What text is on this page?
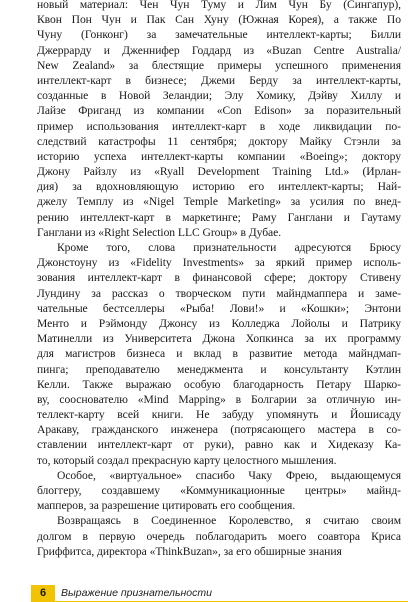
новый материал: Чен Чун Туму и Лим Чун Бу (Сингапур),
Квон Пон Чун и Пак Сан Хуну (Южная Корея), а также По
Чуну (Гонконг) за замечательные интеллект-карты; Билли
Джеррарду и Дженнифер Годдард из «Buzan Centre Australia/
New Zealand» за блестящие примеры успешного применения
интеллект-карт в бизнесе; Джеми Берду за интеллект-карты,
созданные в Новой Зеландии; Элу Хомику, Дэйву Хиллу и
Лайзе Фриганд из компании «Con Edison» за поразительный
пример использования интеллект-карт в ходе ликвидации по-
следствий катастрофы 11 сентября; доктору Майку Стэнли за
историю успеха интеллект-карты компании «Boeing»; доктору
Джону Райзлу из «Ryall Development Training Ltd.» (Ирлан-
дия) за вдохновляющую историю его интеллект-карты; Най-
джелу Темплу из «Nigel Temple Marketing» за усилия по внед-
рению интеллект-карт в маркетинге; Раму Ганглани и Гаутаму
Ганглани из «Right Selection LLC Group» в Дубае.
Кроме того, слова признательности адресуются Брюсу
Джонстоуну из «Fidelity Investments» за яркий пример исполь-
зования интеллект-карт в финансовой сфере; доктору Стивену
Лундину за рассказ о творческом пути майндмаппера и заме-
чательные бестселлеры «Рыба! Лови!» и «Кошки»; Энтони
Менто и Рэймонду Джонсу из Колледжа Лойолы и Патрику
Матинелли из Университета Джона Хопкинса за их программу
для магистров бизнеса и вклад в развитие метода майндмап-
пинга; преподавателю менеджмента и консультанту Кэтлин
Келли. Также выражаю особую благодарность Петару Шарко-
ву, сооснователю «Mind Mapping» в Болгарии за отличную ин-
теллект-карту всей книги. Не забуду упомянуть и Йошисаду
Аракаву, гражданского инженера (потрясающего мастера в со-
ставлении интеллект-карт от руки), равно как и Хидеказу Ка-
то, который создал прекрасную карту целостного мышления.
Особое, «виртуальное» спасибо Чаку Фрею, выдающемуся
блоггеру, создавшему «Коммуникационные центры» майнд-
мапперов, за разрешение цитировать его сообщения.
Возвращаясь в Соединенное Королевство, я считаю своим
долгом в первую очередь поблагодарить моего соавтора Криса
Гриффитса, директора «ThinkBuzan», за его обширные знания
6	Выражение признательности
